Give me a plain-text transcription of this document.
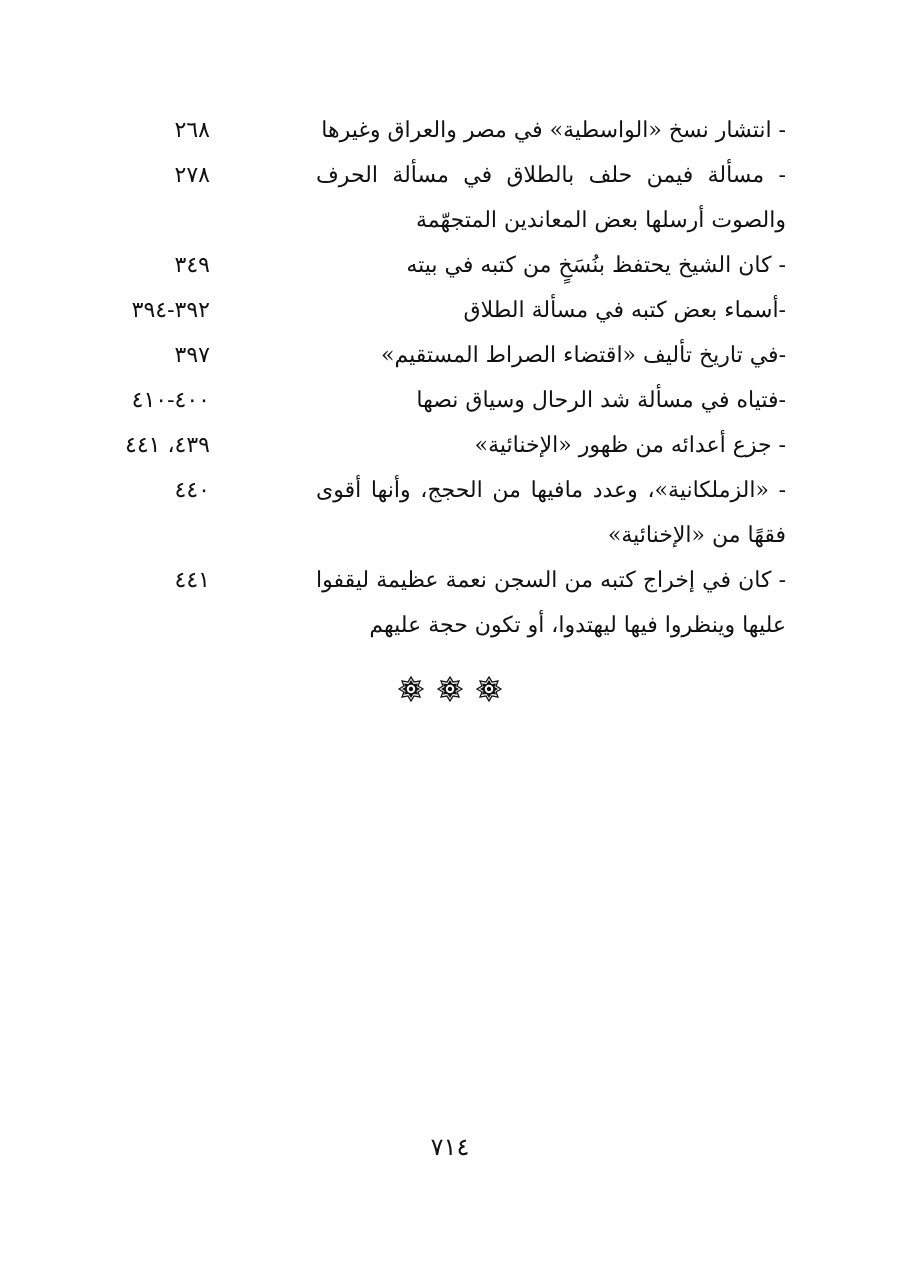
- انتشار نسخ «الواسطية» في مصر والعراق وغيرها
٢٦٨
- مسألة فيمن حلف بالطلاق في مسألة الحرف والصوت أرسلها بعض المعاندين المتجهّمة
٢٧٨
- كان الشيخ يحتفظ بنُسَخٍ من كتبه في بيته
٣٤٩
-أسماء بعض كتبه في مسألة الطلاق
٣٩٢-٣٩٤
-في تاريخ تأليف «اقتضاء الصراط المستقيم»
٣٩٧
-فتياه في مسألة شد الرحال وسياق نصها
٤٠٠-٤١٠
- جزع أعدائه من ظهور «الإخنائية»
٤٣٩، ٤٤١
- «الزملكانية»، وعدد مافيها من الحجج، وأنها أقوى فقهًا من «الإخنائية»
٤٤٠
- كان في إخراج كتبه من السجن نعمة عظيمة ليقفوا عليها وينظروا فيها ليهتدوا، أو تكون حجة عليهم
٤٤١

٧١٤
